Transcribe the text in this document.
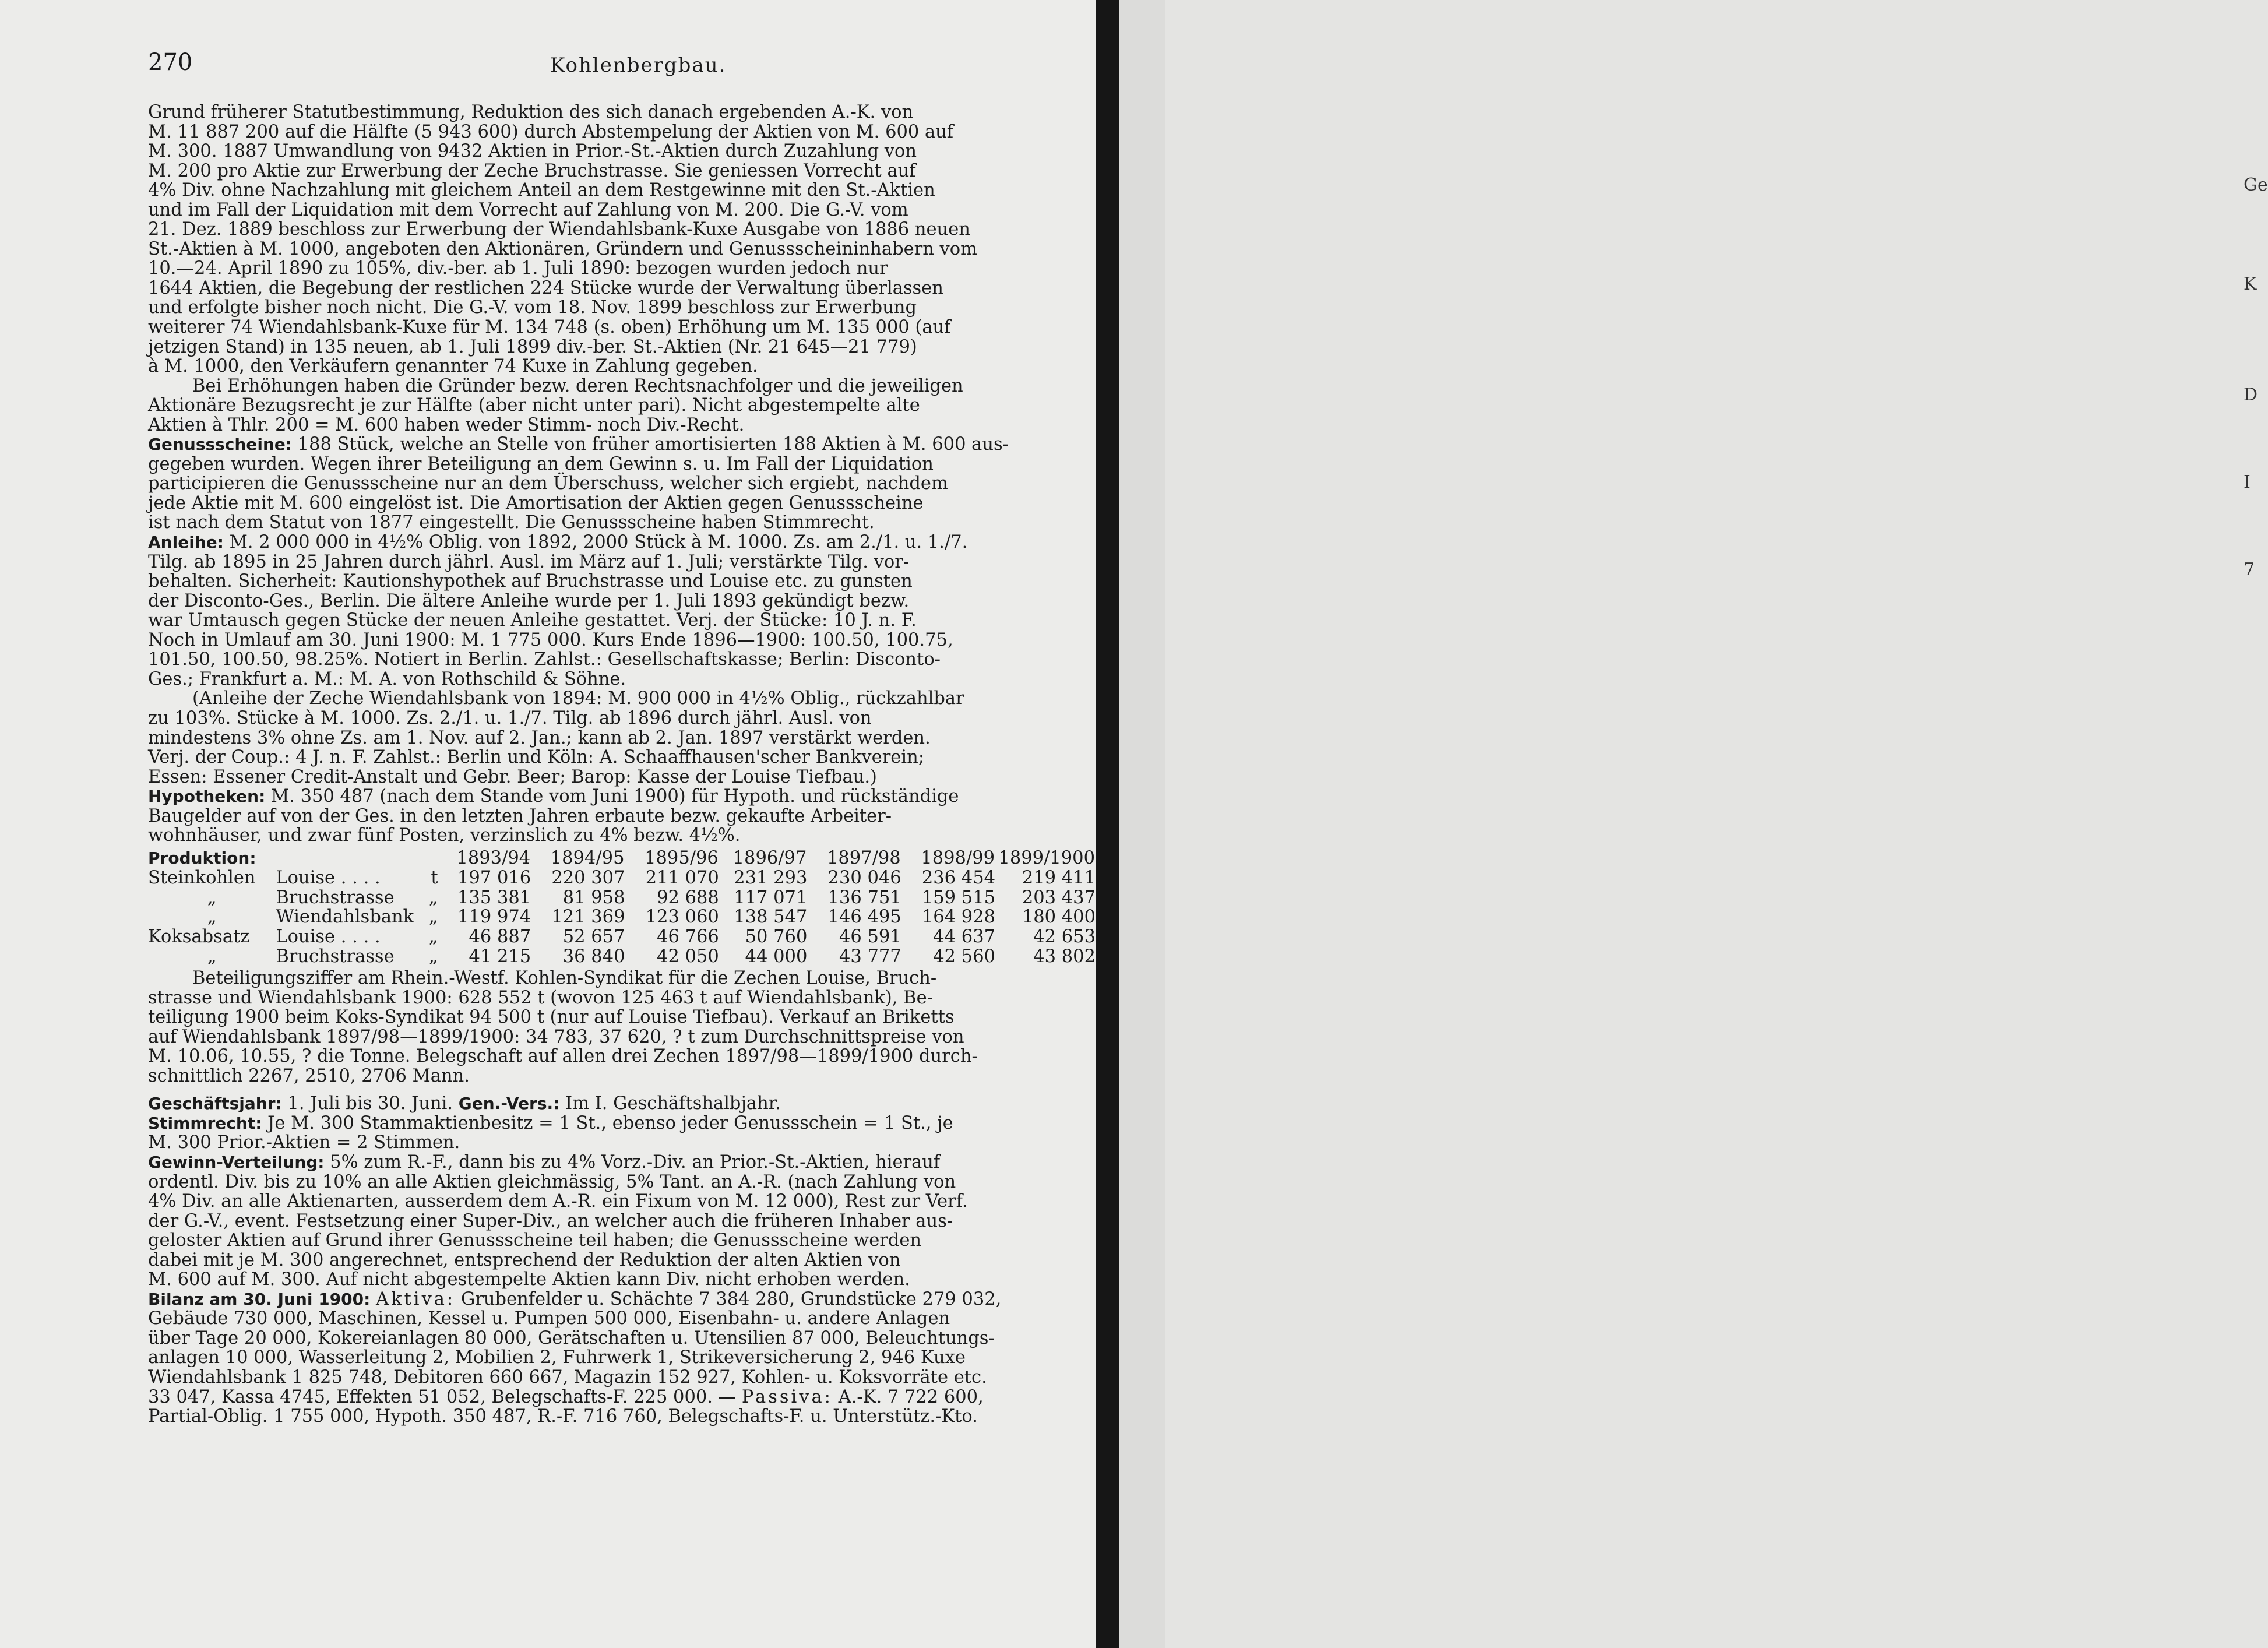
270	Kohlenbergbau.

Grund früherer Statutbestimmung, Reduktion des sich danach ergebenden A.-K. von

M. 11 887 200 auf die Hälfte (5 943 600) durch Abstempelung der Aktien von M. 600 auf

M. 300. 1887 Umwandlung von 9432 Aktien in Prior.-St.-Aktien durch Zuzahlung von

M. 200 pro Aktie zur Erwerbung der Zeche Bruchstrasse. Sie geniessen Vorrecht auf

4% Div. ohne Nachzahlung mit gleichem Anteil an dem Restgewinne mit den St.-Aktien

und im Fall der Liquidation mit dem Vorrecht auf Zahlung von M. 200. Die G.-V. vom

21. Dez. 1889 beschloss zur Erwerbung der Wiendahlsbank-Kuxe Ausgabe von 1886 neuen

St.-Aktien à M. 1000, angeboten den Aktionären, Gründern und Genussscheininhabern vom

10.—24. April 1890 zu 105%, div.-ber. ab 1. Juli 1890: bezogen wurden jedoch nur

1644 Aktien, die Begebung der restlichen 224 Stücke wurde der Verwaltung überlassen

und erfolgte bisher noch nicht. Die G.-V. vom 18. Nov. 1899 beschloss zur Erwerbung

weiterer 74 Wiendahlsbank-Kuxe für M. 134 748 (s. oben) Erhöhung um M. 135 000 (auf

jetzigen Stand) in 135 neuen, ab 1. Juli 1899 div.-ber. St.-Aktien (Nr. 21 645—21 779)

à M. 1000, den Verkäufern genannter 74 Kuxe in Zahlung gegeben.

Bei Erhöhungen haben die Gründer bezw. deren Rechtsnachfolger und die jeweiligen

Aktionäre Bezugsrecht je zur Hälfte (aber nicht unter pari). Nicht abgestempelte alte

Aktien à Thlr. 200 = M. 600 haben weder Stimm- noch Div.-Recht.

Genussscheine: 188 Stück, welche an Stelle von früher amortisierten 188 Aktien à M. 600 aus-

gegeben wurden. Wegen ihrer Beteiligung an dem Gewinn s. u. Im Fall der Liquidation

participieren die Genussscheine nur an dem Überschuss, welcher sich ergiebt, nachdem

jede Aktie mit M. 600 eingelöst ist. Die Amortisation der Aktien gegen Genussscheine

ist nach dem Statut von 1877 eingestellt. Die Genussscheine haben Stimmrecht.

Anleihe: M. 2 000 000 in 4½% Oblig. von 1892, 2000 Stück à M. 1000. Zs. am 2./1. u. 1./7.

Tilg. ab 1895 in 25 Jahren durch jährl. Ausl. im März auf 1. Juli; verstärkte Tilg. vor-

behalten. Sicherheit: Kautionshypothek auf Bruchstrasse und Louise etc. zu gunsten

der Disconto-Ges., Berlin. Die ältere Anleihe wurde per 1. Juli 1893 gekündigt bezw.

war Umtausch gegen Stücke der neuen Anleihe gestattet. Verj. der Stücke: 10 J. n. F.

Noch in Umlauf am 30. Juni 1900: M. 1 775 000. Kurs Ende 1896—1900: 100.50, 100.75,

101.50, 100.50, 98.25%. Notiert in Berlin. Zahlst.: Gesellschaftskasse; Berlin: Disconto-

Ges.; Frankfurt a. M.: M. A. von Rothschild & Söhne.

(Anleihe der Zeche Wiendahlsbank von 1894: M. 900 000 in 4½% Oblig., rückzahlbar

zu 103%. Stücke à M. 1000. Zs. 2./1. u. 1./7. Tilg. ab 1896 durch jährl. Ausl. von

mindestens 3% ohne Zs. am 1. Nov. auf 2. Jan.; kann ab 2. Jan. 1897 verstärkt werden.

Verj. der Coup.: 4 J. n. F. Zahlst.: Berlin und Köln: A. Schaaffhausen'scher Bankverein;

Essen: Essener Credit-Anstalt und Gebr. Beer; Barop: Kasse der Louise Tiefbau.)

Hypotheken: M. 350 487 (nach dem Stande vom Juni 1900) für Hypoth. und rückständige

Baugelder auf von der Ges. in den letzten Jahren erbaute bezw. gekaufte Arbeiter-

wohnhäuser, und zwar fünf Posten, verzinslich zu 4% bezw. 4½%.

Produktion:			1893/94	1894/95	1895/96	1896/97	1897/98	1898/99	1899/1900
Steinkohlen	Louise . . . .	t	197 016	220 307	211 070	231 293	230 046	236 454	219 411
„	Bruchstrasse	„	135 381	81 958	92 688	117 071	136 751	159 515	203 437
„	Wiendahlsbank	„	119 974	121 369	123 060	138 547	146 495	164 928	180 400
Koksabsatz	Louise . . . .	„	46 887	52 657	46 766	50 760	46 591	44 637	42 653
„	Bruchstrasse	„	41 215	36 840	42 050	44 000	43 777	42 560	43 802

Beteiligungsziffer am Rhein.-Westf. Kohlen-Syndikat für die Zechen Louise, Bruch-

strasse und Wiendahlsbank 1900: 628 552 t (wovon 125 463 t auf Wiendahlsbank), Be-

teiligung 1900 beim Koks-Syndikat 94 500 t (nur auf Louise Tiefbau). Verkauf an Briketts

auf Wiendahlsbank 1897/98—1899/1900: 34 783, 37 620, ? t zum Durchschnittspreise von

M. 10.06, 10.55, ? die Tonne. Belegschaft auf allen drei Zechen 1897/98—1899/1900 durch-

schnittlich 2267, 2510, 2706 Mann.

Geschäftsjahr: 1. Juli bis 30. Juni. Gen.-Vers.: Im I. Geschäftshalbjahr.

Stimmrecht: Je M. 300 Stammaktienbesitz = 1 St., ebenso jeder Genussschein = 1 St., je

M. 300 Prior.-Aktien = 2 Stimmen.

Gewinn-Verteilung: 5% zum R.-F., dann bis zu 4% Vorz.-Div. an Prior.-St.-Aktien, hierauf

ordentl. Div. bis zu 10% an alle Aktien gleichmässig, 5% Tant. an A.-R. (nach Zahlung von

4% Div. an alle Aktienarten, ausserdem dem A.-R. ein Fixum von M. 12 000), Rest zur Verf.

der G.-V., event. Festsetzung einer Super-Div., an welcher auch die früheren Inhaber aus-

geloster Aktien auf Grund ihrer Genussscheine teil haben; die Genussscheine werden

dabei mit je M. 300 angerechnet, entsprechend der Reduktion der alten Aktien von

M. 600 auf M. 300. Auf nicht abgestempelte Aktien kann Div. nicht erhoben werden.

Bilanz am 30. Juni 1900: Aktiva: Grubenfelder u. Schächte 7 384 280, Grundstücke 279 032,

Gebäude 730 000, Maschinen, Kessel u. Pumpen 500 000, Eisenbahn- u. andere Anlagen

über Tage 20 000, Kokereianlagen 80 000, Gerätschaften u. Utensilien 87 000, Beleuchtungs-

anlagen 10 000, Wasserleitung 2, Mobilien 2, Fuhrwerk 1, Strikeversicherung 2, 946 Kuxe

Wiendahlsbank 1 825 748, Debitoren 660 667, Magazin 152 927, Kohlen- u. Koksvorräte etc.

33 047, Kassa 4745, Effekten 51 052, Belegschafts-F. 225 000. — Passiva: A.-K. 7 722 600,

Partial-Oblig. 1 755 000, Hypoth. 350 487, R.-F. 716 760, Belegschafts-F. u. Unterstütz.-Kto.

Ge
K
D
I
7
